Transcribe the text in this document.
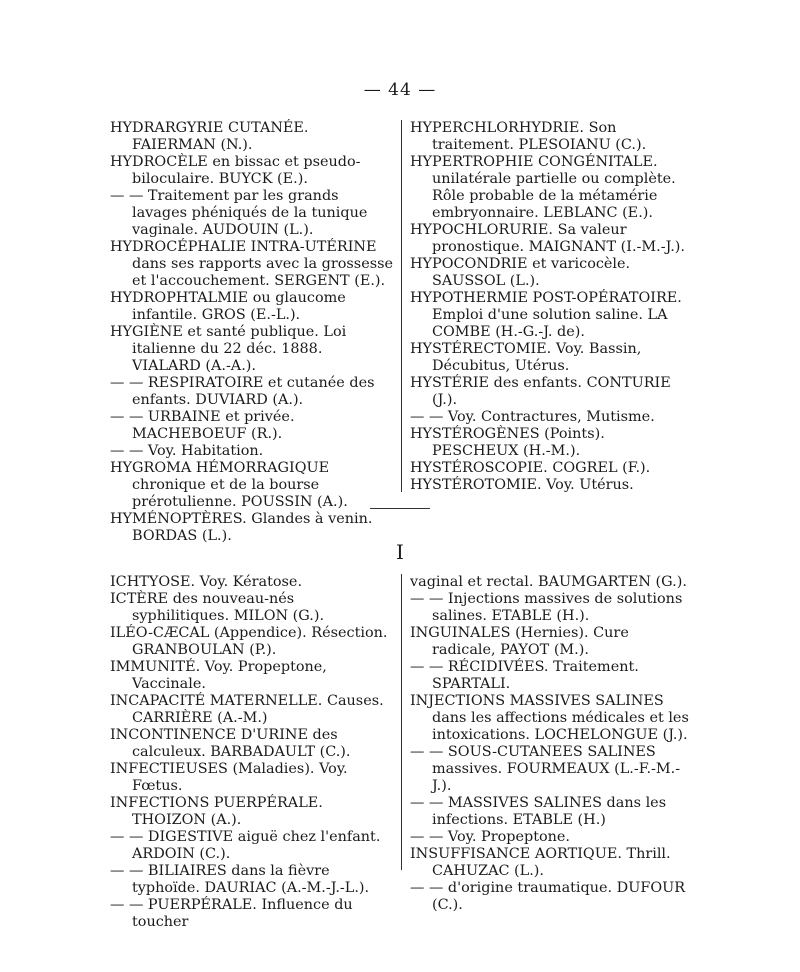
— 44 —

HYDRARGYRIE CUTANÉE. FAIERMAN (N.).

HYDROCÈLE en bissac et pseudo-biloculaire. BUYCK (E.).

— — Traitement par les grands lavages phéniqués de la tunique vaginale. AUDOUIN (L.).

HYDROCÉPHALIE INTRA-UTÉRINE dans ses rapports avec la grossesse et l'accouchement. SERGENT (E.).

HYDROPHTALMIE ou glaucome infantile. GROS (E.-L.).

HYGIÈNE et santé publique. Loi italienne du 22 déc. 1888. VIALARD (A.-A.).

— — RESPIRATOIRE et cutanée des enfants. DUVIARD (A.).

— — URBAINE et privée. MACHEBOEUF (R.).

— — Voy. Habitation.

HYGROMA HÉMORRAGIQUE chronique et de la bourse prérotulienne. POUSSIN (A.).

HYMÉNOPTÈRES. Glandes à venin. BORDAS (L.).

HYPERCHLORHYDRIE. Son traitement. PLESOIANU (C.).

HYPERTROPHIE CONGÉNITALE. unilatérale partielle ou complète. Rôle probable de la métamérie embryonnaire. LEBLANC (E.).

HYPOCHLORURIE. Sa valeur pronostique. MAIGNANT (I.-M.-J.).

HYPOCONDRIE et varicocèle. SAUSSOL (L.).

HYPOTHERMIE POST-OPÉRATOIRE. Emploi d'une solution saline. LA COMBE (H.-G.-J. de).

HYSTÉRECTOMIE. Voy. Bassin, Décubitus, Utérus.

HYSTÉRIE des enfants. CONTURIE (J.).

— — Voy. Contractures, Mutisme.

HYSTÉROGÈNES (Points). PESCHEUX (H.-M.).

HYSTÉROSCOPIE. COGREL (F.).

HYSTÉROTOMIE. Voy. Utérus.

I

ICHTYOSE. Voy. Kératose.

ICTÈRE des nouveau-nés syphilitiques. MILON (G.).

ILÉO-CÆCAL (Appendice). Résection. GRANBOULAN (P.).

IMMUNITÉ. Voy. Propeptone, Vaccinale.

INCAPACITÉ MATERNELLE. Causes. CARRIÈRE (A.-M.)

INCONTINENCE D'URINE des calculeux. BARBADAULT (C.).

INFECTIEUSES (Maladies). Voy. Fœtus.

INFECTIONS PUERPÉRALE. THOIZON (A.).

— — DIGESTIVE aiguë chez l'enfant. ARDOIN (C.).

— — BILIAIRES dans la fièvre typhoïde. DAURIAC (A.-M.-J.-L.).

— — PUERPÉRALE. Influence du toucher

vaginal et rectal. BAUMGARTEN (G.).

— — Injections massives de solutions salines. ETABLE (H.).

INGUINALES (Hernies). Cure radicale, PAYOT (M.).

— — RÉCIDIVÉES. Traitement. SPARTALI.

INJECTIONS MASSIVES SALINES dans les affections médicales et les intoxications. LOCHELONGUE (J.).

— — SOUS-CUTANEES SALINES massives. FOURMEAUX (L.-F.-M.-J.).

— — MASSIVES SALINES dans les infections. ETABLE (H.)

— — Voy. Propeptone.

INSUFFISANCE AORTIQUE. Thrill. CAHUZAC (L.).

— — d'origine traumatique. DUFOUR (C.).
